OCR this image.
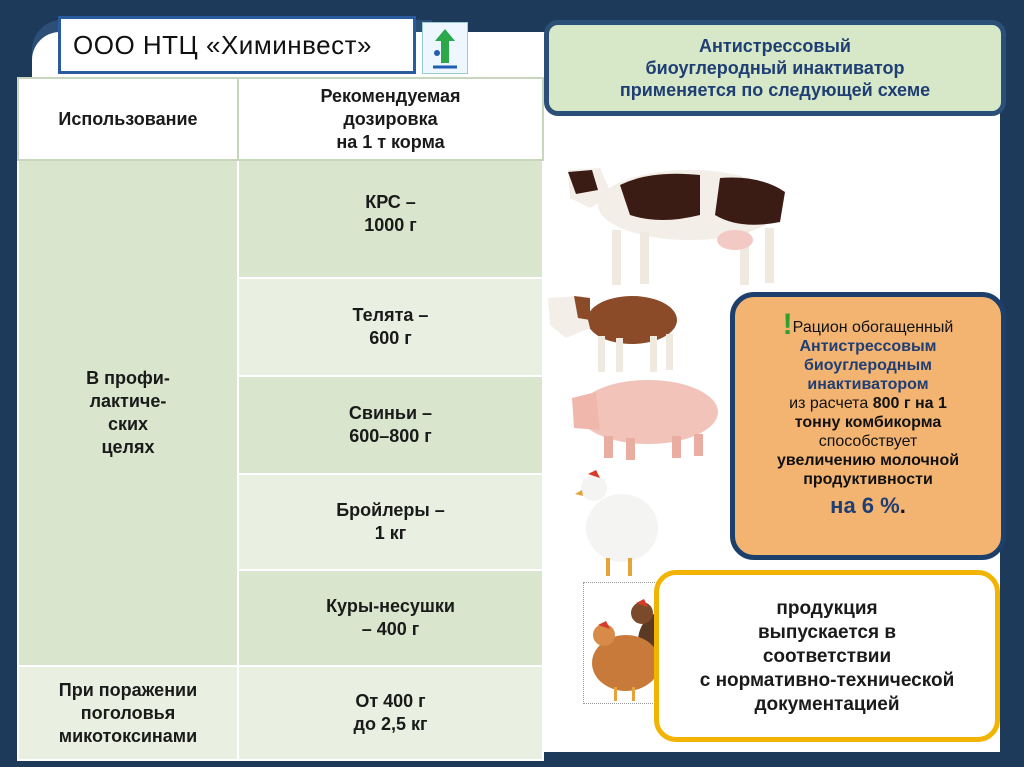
ООО НТЦ «Химинвест»
Использование	Рекомендуемая
дозировка
на 1 т корма
В профи-
лактиче-
ских
целях	КРС –
1000 г
	Телята –
600 г
	Свиньи –
600–800 г
	Бройлеры –
1 кг
	Куры-несушки
– 400 г
При поражении
поголовья
микотоксинами	От 400 г
до 2,5 кг
Антистрессовый
биоуглеродный инактиватор
применяется по следующей схеме
!Рацион обогащенный
Антистрессовым
биоуглеродным
инактиватором
из расчета 800 г на 1
тонну комбикорма
способствует
увеличению молочной
продуктивности
на 6 %.
продукция
выпускается в
соответствии
с нормативно-технической
документацией
